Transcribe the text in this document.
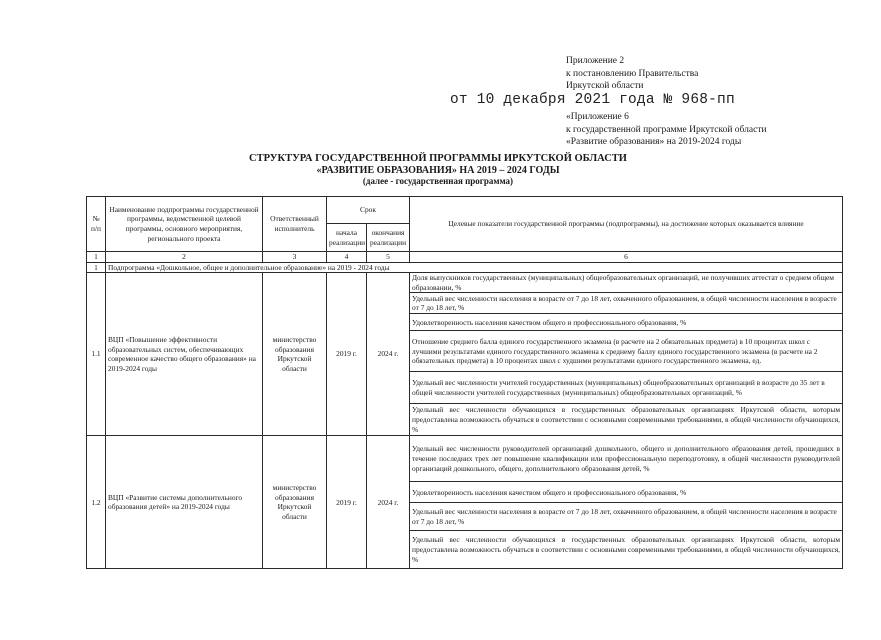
Приложение 2
к постановлению Правительства
Иркутской области
от 10 декабря 2021 года № 968-пп
«Приложение 6
к государственной программе Иркутской области
«Развитие образования» на 2019-2024 годы
СТРУКТУРА ГОСУДАРСТВЕННОЙ ПРОГРАММЫ ИРКУТСКОЙ ОБЛАСТИ
«РАЗВИТИЕ ОБРАЗОВАНИЯ» НА 2019 – 2024 ГОДЫ
(далее - государственная программа)
№ п/п	Наименование подпрограммы государственной программы, ведомственной целевой программы, основного мероприятия, регионального проекта	Ответственный исполнитель	Срок		Целевые показатели государственной программы (подпрограммы), на достижение которых оказывается влияние
			начала реализации	окончания реализации	
1	2	3	4	5	6
1	Подпрограмма «Дошкольное, общее и дополнительное образование» на 2019 - 2024 годы				
1.1	ВЦП «Повышение эффективности образовательных систем, обеспечивающих современное качество общего образования» на 2019-2024 годы	министерство образования Иркутской области	2019 г.	2024 г.	Доля выпускников государственных (муниципальных) общеобразовательных организаций, не получивших аттестат о среднем общем образовании, %
					Удельный вес численности населения в возрасте от 7 до 18 лет, охваченного образованием, в общей численности населения в возрасте от 7 до 18 лет, %
					Удовлетворенность населения качеством общего и профессионального образования, %
					Отношение среднего балла единого государственного экзамена (в расчете на 2 обязательных предмета) в 10 процентах школ с лучшими результатами единого государственного экзамена к среднему баллу единого государственного экзамена (в расчете на 2 обязательных предмета) в 10 процентах школ с худшими результатами единого государственного экзамена, ед.
					Удельный вес численности учителей государственных (муниципальных) общеобразовательных организаций в возрасте до 35 лет в общей численности учителей государственных (муниципальных) общеобразовательных организаций, %
					Удельный вес численности обучающихся в государственных образовательных организациях Иркутской области, которым предоставлена возможность обучаться в соответствии с основными современными требованиями, в общей численности обучающихся, %
1.2	ВЦП «Развитие системы дополнительного образования детей» на 2019-2024 годы	министерство образования Иркутской области	2019 г.	2024 г.	Удельный вес численности руководителей организаций дошкольного, общего и дополнительного образования детей, прошедших в течение последних трех лет повышение квалификации или профессиональную переподготовку, в общей численности руководителей организаций дошкольного, общего, дополнительного образования детей, %
					Удовлетворенность населения качеством общего и профессионального образования, %
					Удельный вес численности населения в возрасте от 7 до 18 лет, охваченного образованием, в общей численности населения в возрасте от 7 до 18 лет, %
					Удельный вес численности обучающихся в государственных образовательных организациях Иркутской области, которым предоставлена возможность обучаться в соответствии с основными современными требованиями, в общей численности обучающихся, %
